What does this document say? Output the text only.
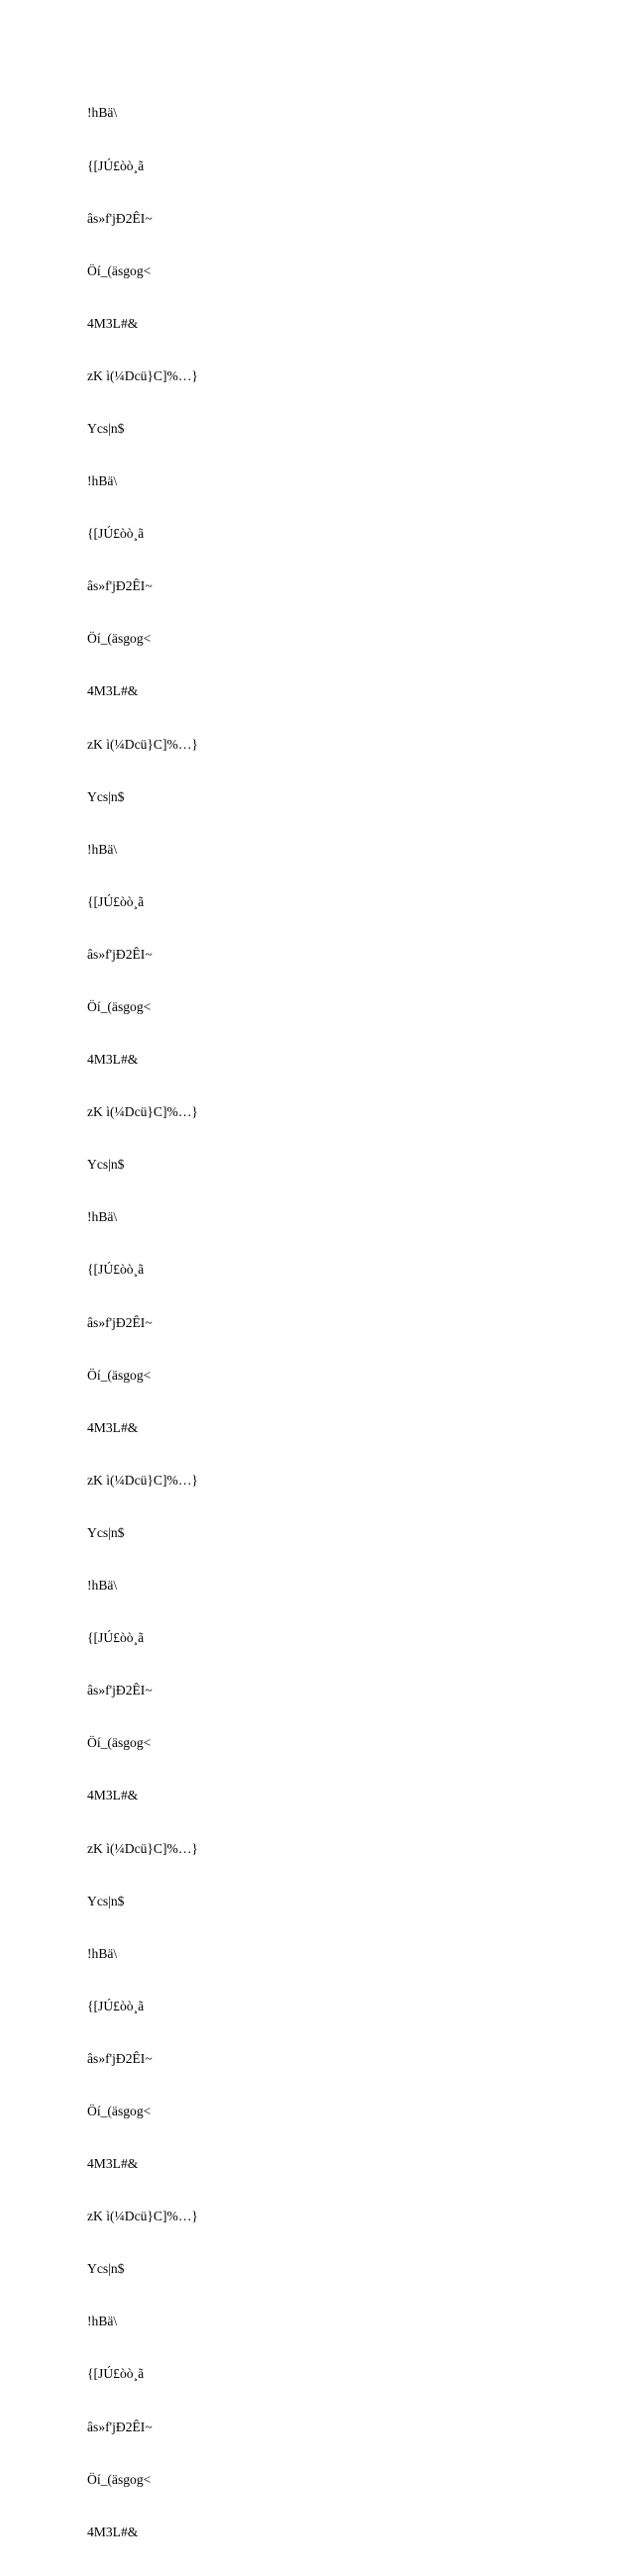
!hBä\

{[JÚ£òò¸ã

âs»f'jÐ2ÊI~

Öí_(äsgog<

4M3L#&

zK ì(¼Dcü}C]%…}

Ycs|n$

!hBä\

{[JÚ£òò¸ã

âs»f'jÐ2ÊI~

Öí_(äsgog<

4M3L#&

zK ì(¼Dcü}C]%…}

Ycs|n$

!hBä\

{[JÚ£òò¸ã

âs»f'jÐ2ÊI~

Öí_(äsgog<

4M3L#&

zK ì(¼Dcü}C]%…}

Ycs|n$

!hBä\

{[JÚ£òò¸ã

âs»f'jÐ2ÊI~

Öí_(äsgog<

4M3L#&

zK ì(¼Dcü}C]%…}

Ycs|n$

!hBä\

{[JÚ£òò¸ã

âs»f'jÐ2ÊI~

Öí_(äsgog<

4M3L#&

zK ì(¼Dcü}C]%…}

Ycs|n$

!hBä\

{[JÚ£òò¸ã

âs»f'jÐ2ÊI~

Öí_(äsgog<

4M3L#&

zK ì(¼Dcü}C]%…}

Ycs|n$

!hBä\

{[JÚ£òò¸ã

âs»f'jÐ2ÊI~

Öí_(äsgog<

4M3L#&
